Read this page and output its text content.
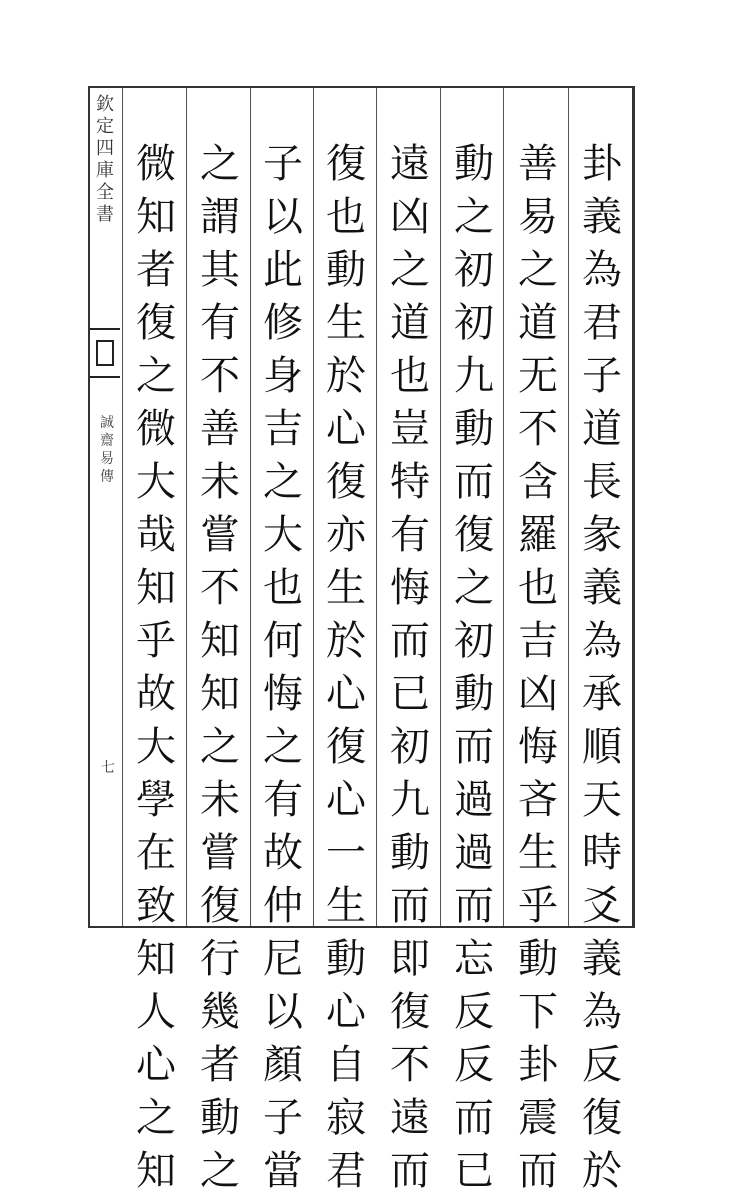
欽
定
四
庫
全
書
誠
齋
易
傳
七
卦
義
為
君
子
道
長
彖
義
為
承
順
天
時
爻
義
為
反
復
於
善
易
之
道
无
不
含
羅
也
吉
凶
悔
吝
生
乎
動
下
卦
震
而
動
之
初
初
九
動
而
復
之
初
動
而
過
過
而
忘
反
反
而
已
遠
凶
之
道
也
豈
特
有
悔
而
已
初
九
動
而
即
復
不
遠
而
復
也
動
生
於
心
復
亦
生
於
心
復
心
一
生
動
心
自
寂
君
子
以
此
修
身
吉
之
大
也
何
悔
之
有
故
仲
尼
以
顏
子
當
之
謂
其
有
不
善
未
嘗
不
知
知
之
未
嘗
復
行
幾
者
動
之
微
知
者
復
之
微
大
哉
知
乎
故
大
學
在
致
知
人
心
之
知
